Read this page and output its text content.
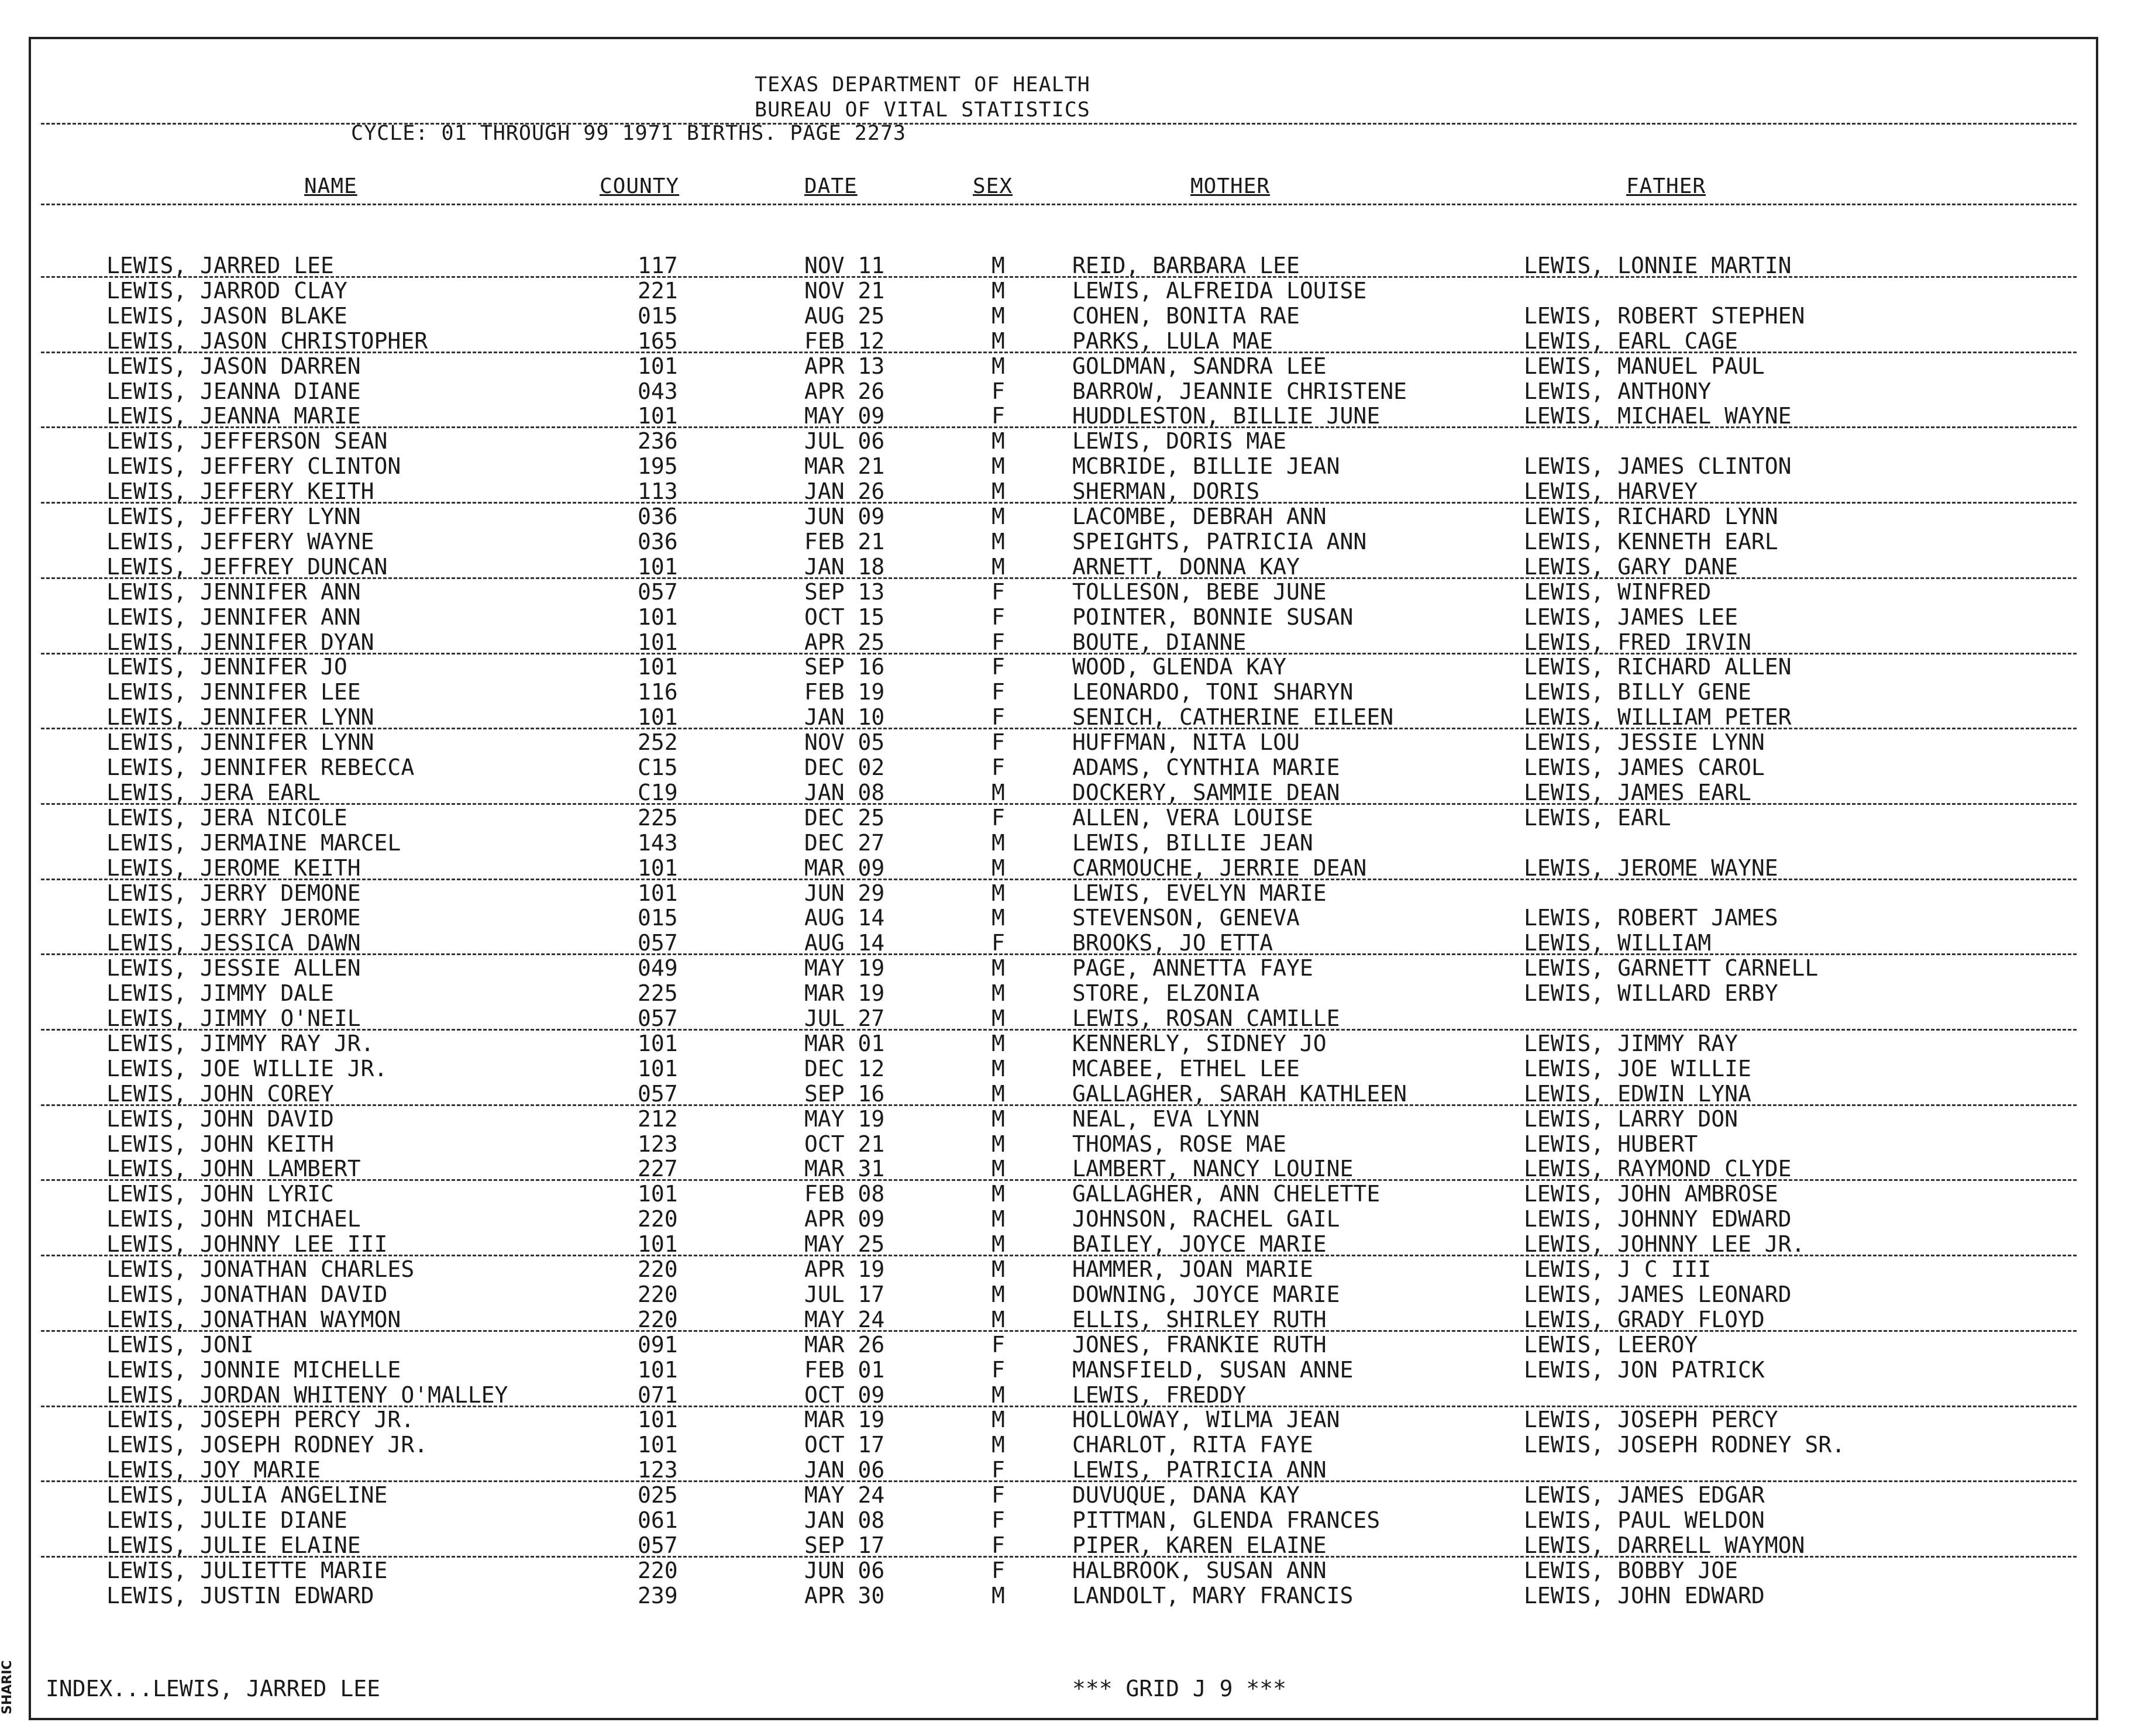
TEXAS DEPARTMENT OF HEALTH
BUREAU OF VITAL STATISTICS
CYCLE: 01 THROUGH 99 1971 BIRTHS. PAGE 2273
NAME	COUNTY	DATE	SEX	MOTHER	FATHER
LEWIS, JARRED LEE	117	NOV 11	M	REID, BARBARA LEE	LEWIS, LONNIE MARTIN
LEWIS, JARROD CLAY	221	NOV 21	M	LEWIS, ALFREIDA LOUISE
LEWIS, JASON BLAKE	015	AUG 25	M	COHEN, BONITA RAE	LEWIS, ROBERT STEPHEN
LEWIS, JASON CHRISTOPHER	165	FEB 12	M	PARKS, LULA MAE	LEWIS, EARL CAGE
LEWIS, JASON DARREN	101	APR 13	M	GOLDMAN, SANDRA LEE	LEWIS, MANUEL PAUL
LEWIS, JEANNA DIANE	043	APR 26	F	BARROW, JEANNIE CHRISTENE	LEWIS, ANTHONY
LEWIS, JEANNA MARIE	101	MAY 09	F	HUDDLESTON, BILLIE JUNE	LEWIS, MICHAEL WAYNE
LEWIS, JEFFERSON SEAN	236	JUL 06	M	LEWIS, DORIS MAE
LEWIS, JEFFERY CLINTON	195	MAR 21	M	MCBRIDE, BILLIE JEAN	LEWIS, JAMES CLINTON
LEWIS, JEFFERY KEITH	113	JAN 26	M	SHERMAN, DORIS	LEWIS, HARVEY
LEWIS, JEFFERY LYNN	036	JUN 09	M	LACOMBE, DEBRAH ANN	LEWIS, RICHARD LYNN
LEWIS, JEFFERY WAYNE	036	FEB 21	M	SPEIGHTS, PATRICIA ANN	LEWIS, KENNETH EARL
LEWIS, JEFFREY DUNCAN	101	JAN 18	M	ARNETT, DONNA KAY	LEWIS, GARY DANE
LEWIS, JENNIFER ANN	057	SEP 13	F	TOLLESON, BEBE JUNE	LEWIS, WINFRED
LEWIS, JENNIFER ANN	101	OCT 15	F	POINTER, BONNIE SUSAN	LEWIS, JAMES LEE
LEWIS, JENNIFER DYAN	101	APR 25	F	BOUTE, DIANNE	LEWIS, FRED IRVIN
LEWIS, JENNIFER JO	101	SEP 16	F	WOOD, GLENDA KAY	LEWIS, RICHARD ALLEN
LEWIS, JENNIFER LEE	116	FEB 19	F	LEONARDO, TONI SHARYN	LEWIS, BILLY GENE
LEWIS, JENNIFER LYNN	101	JAN 10	F	SENICH, CATHERINE EILEEN	LEWIS, WILLIAM PETER
LEWIS, JENNIFER LYNN	252	NOV 05	F	HUFFMAN, NITA LOU	LEWIS, JESSIE LYNN
LEWIS, JENNIFER REBECCA	C15	DEC 02	F	ADAMS, CYNTHIA MARIE	LEWIS, JAMES CAROL
LEWIS, JERA EARL	C19	JAN 08	M	DOCKERY, SAMMIE DEAN	LEWIS, JAMES EARL
LEWIS, JERA NICOLE	225	DEC 25	F	ALLEN, VERA LOUISE	LEWIS, EARL
LEWIS, JERMAINE MARCEL	143	DEC 27	M	LEWIS, BILLIE JEAN
LEWIS, JEROME KEITH	101	MAR 09	M	CARMOUCHE, JERRIE DEAN	LEWIS, JEROME WAYNE
LEWIS, JERRY DEMONE	101	JUN 29	M	LEWIS, EVELYN MARIE
LEWIS, JERRY JEROME	015	AUG 14	M	STEVENSON, GENEVA	LEWIS, ROBERT JAMES
LEWIS, JESSICA DAWN	057	AUG 14	F	BROOKS, JO ETTA	LEWIS, WILLIAM
LEWIS, JESSIE ALLEN	049	MAY 19	M	PAGE, ANNETTA FAYE	LEWIS, GARNETT CARNELL
LEWIS, JIMMY DALE	225	MAR 19	M	STORE, ELZONIA	LEWIS, WILLARD ERBY
LEWIS, JIMMY O'NEIL	057	JUL 27	M	LEWIS, ROSAN CAMILLE
LEWIS, JIMMY RAY JR.	101	MAR 01	M	KENNERLY, SIDNEY JO	LEWIS, JIMMY RAY
LEWIS, JOE WILLIE JR.	101	DEC 12	M	MCABEE, ETHEL LEE	LEWIS, JOE WILLIE
LEWIS, JOHN COREY	057	SEP 16	M	GALLAGHER, SARAH KATHLEEN	LEWIS, EDWIN LYNA
LEWIS, JOHN DAVID	212	MAY 19	M	NEAL, EVA LYNN	LEWIS, LARRY DON
LEWIS, JOHN KEITH	123	OCT 21	M	THOMAS, ROSE MAE	LEWIS, HUBERT
LEWIS, JOHN LAMBERT	227	MAR 31	M	LAMBERT, NANCY LOUINE	LEWIS, RAYMOND CLYDE
LEWIS, JOHN LYRIC	101	FEB 08	M	GALLAGHER, ANN CHELETTE	LEWIS, JOHN AMBROSE
LEWIS, JOHN MICHAEL	220	APR 09	M	JOHNSON, RACHEL GAIL	LEWIS, JOHNNY EDWARD
LEWIS, JOHNNY LEE III	101	MAY 25	M	BAILEY, JOYCE MARIE	LEWIS, JOHNNY LEE JR.
LEWIS, JONATHAN CHARLES	220	APR 19	M	HAMMER, JOAN MARIE	LEWIS, J C III
LEWIS, JONATHAN DAVID	220	JUL 17	M	DOWNING, JOYCE MARIE	LEWIS, JAMES LEONARD
LEWIS, JONATHAN WAYMON	220	MAY 24	M	ELLIS, SHIRLEY RUTH	LEWIS, GRADY FLOYD
LEWIS, JONI	091	MAR 26	F	JONES, FRANKIE RUTH	LEWIS, LEEROY
LEWIS, JONNIE MICHELLE	101	FEB 01	F	MANSFIELD, SUSAN ANNE	LEWIS, JON PATRICK
LEWIS, JORDAN WHITENY O'MALLEY	071	OCT 09	M	LEWIS, FREDDY
LEWIS, JOSEPH PERCY JR.	101	MAR 19	M	HOLLOWAY, WILMA JEAN	LEWIS, JOSEPH PERCY
LEWIS, JOSEPH RODNEY JR.	101	OCT 17	M	CHARLOT, RITA FAYE	LEWIS, JOSEPH RODNEY SR.
LEWIS, JOY MARIE	123	JAN 06	F	LEWIS, PATRICIA ANN
LEWIS, JULIA ANGELINE	025	MAY 24	F	DUVUQUE, DANA KAY	LEWIS, JAMES EDGAR
LEWIS, JULIE DIANE	061	JAN 08	F	PITTMAN, GLENDA FRANCES	LEWIS, PAUL WELDON
LEWIS, JULIE ELAINE	057	SEP 17	F	PIPER, KAREN ELAINE	LEWIS, DARRELL WAYMON
LEWIS, JULIETTE MARIE	220	JUN 06	F	HALBROOK, SUSAN ANN	LEWIS, BOBBY JOE
LEWIS, JUSTIN EDWARD	239	APR 30	M	LANDOLT, MARY FRANCIS	LEWIS, JOHN EDWARD
INDEX...LEWIS, JARRED LEE	*** GRID J 9 ***
SHARIC
